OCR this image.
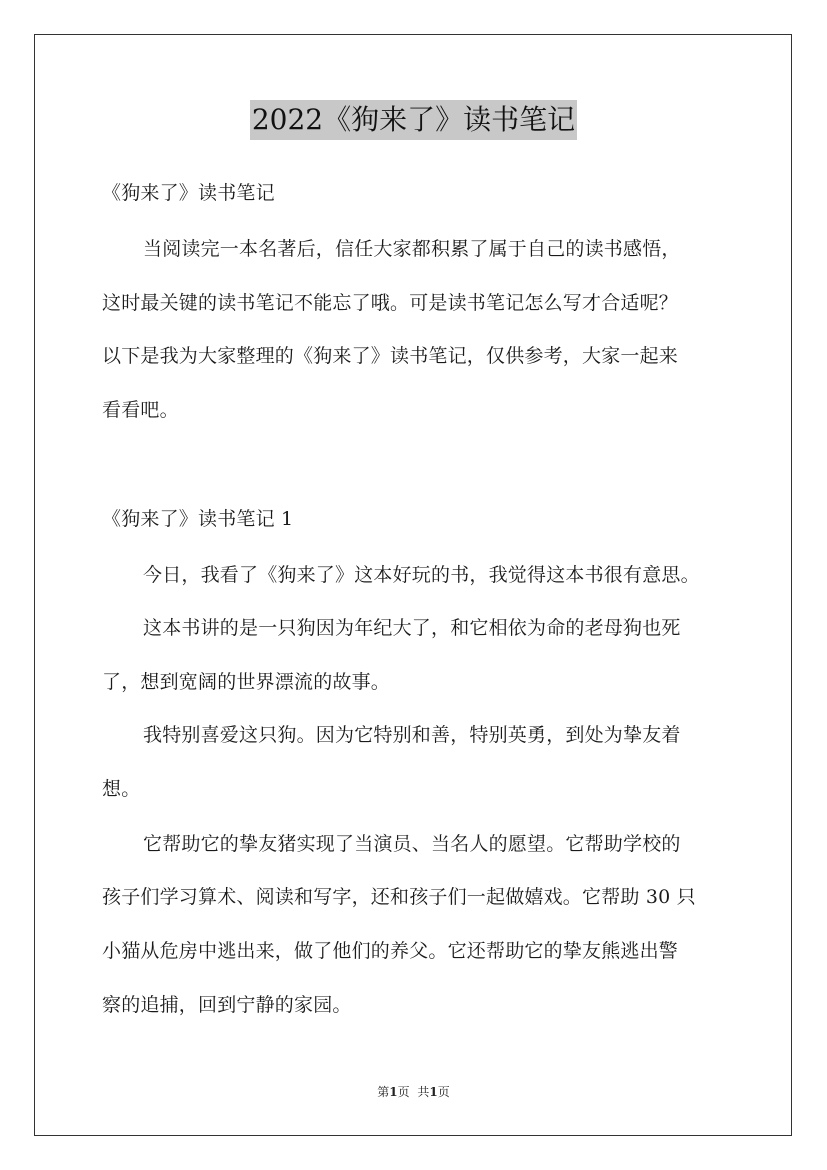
2022《狗来了》读书笔记
《狗来了》读书笔记
当阅读完一本名著后，信任大家都积累了属于自己的读书感悟，
这时最关键的读书笔记不能忘了哦。可是读书笔记怎么写才合适呢？
以下是我为大家整理的《狗来了》读书笔记，仅供参考，大家一起来
看看吧。
《狗来了》读书笔记 1
今日，我看了《狗来了》这本好玩的书，我觉得这本书很有意思。
这本书讲的是一只狗因为年纪大了，和它相依为命的老母狗也死
了，想到宽阔的世界漂流的故事。
我特别喜爱这只狗。因为它特别和善，特别英勇，到处为挚友着
想。
它帮助它的挚友猪实现了当演员、当名人的愿望。它帮助学校的
孩子们学习算术、阅读和写字，还和孩子们一起做嬉戏。它帮助 30 只
小猫从危房中逃出来，做了他们的养父。它还帮助它的挚友熊逃出警
察的追捕，回到宁静的家园。
第1页 共1页
